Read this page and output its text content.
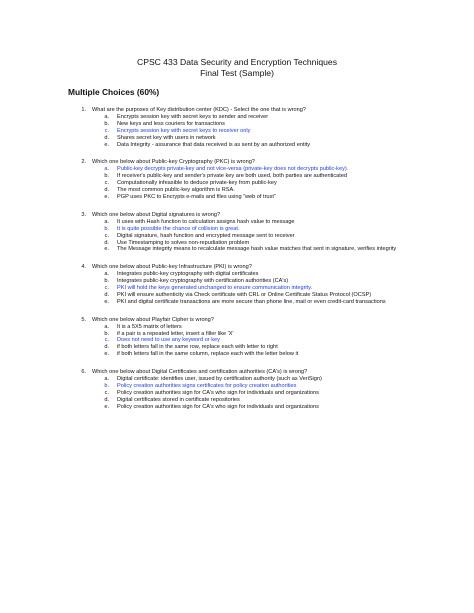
CPSC 433 Data Security and Encryption Techniques
Final Test (Sample)
Multiple Choices (60%)
1.	What are the purposes of Key distribution center (KDC) - Select the one that is wrong?
a.	Encrypts session key with secret keys to sender and receiver
b.	New keys and less couriers for transactions
c.	Encrypts session key with secret keys to receiver only
d.	Shares secret key with users in network
e.	Data Integrity - assurance that data received is as sent by an authorized entity
2.	Which one below about Public-key Cryptography (PKC) is wrong?
a.	Public-key decrypts private-key and not vice-versa (private-key does not decrypts public-key).
b.	If receiver's public-key and sender's private key are both used, both parties are authenticated
c.	Computationally infeasible to deduce private-key from public-key
d.	The most common public-key algorithm is RSA.
e.	PGP uses PKC to Encrypts e-mails and files using “web of trust”
3.	Which one below about Digital signatures is wrong?
a.	It uses with Hash function to calculation assigns hash value to message
b.	It is quite possible the chance of collision is great.
c.	Digital signature, hash function and encrypted message sent to receiver
d.	Use Timestamping to solves non-repudiation problem
e.	The Message integrity means to recalculate message hash value matches that sent in signature, verifies integrity
4.	Which one below about Public-key Infrastructure (PKI) is wrong?
a.	Integrates public-key cryptography with digital certificates
b.	Integrates public-key cryptography with certification authorities (CA's)
c.	PKI will hold the keys generated unchanged to ensure communication integrity.
d.	PKI will ensure authenticity via Check certificate with CRL or Online Certificate Status Protocol (OCSP)
e.	PKI and digital certificate transactions are more secure than phone line, mail or even credit-card transactions
5.	Which one below about Playfair Cipher is wrong?
a.	It is a 5X5 matrix of letters
b.	if a pair is a repeated letter, insert a filler like 'X'
c.	Does not need to use any keyword or key
d.	if both letters fall in the same row, replace each with letter to right
e.	if both letters fall in the same column, replace each with the letter below it
6.	Which one below about Digital Certificates and certification authorities (CA's) is wrong?
a.	Digital certificate: identifies user, issued by certification authority (such as VeriSign)
b.	Policy creation authorities signs certificates for policy creation authorities
c.	Policy creation authorities sign for CA's who sign for individuals and organizations
d.	Digital certificates stored in certificate repositories
e.	Policy creation authorities sign for CA's who sign for individuals and organizations
